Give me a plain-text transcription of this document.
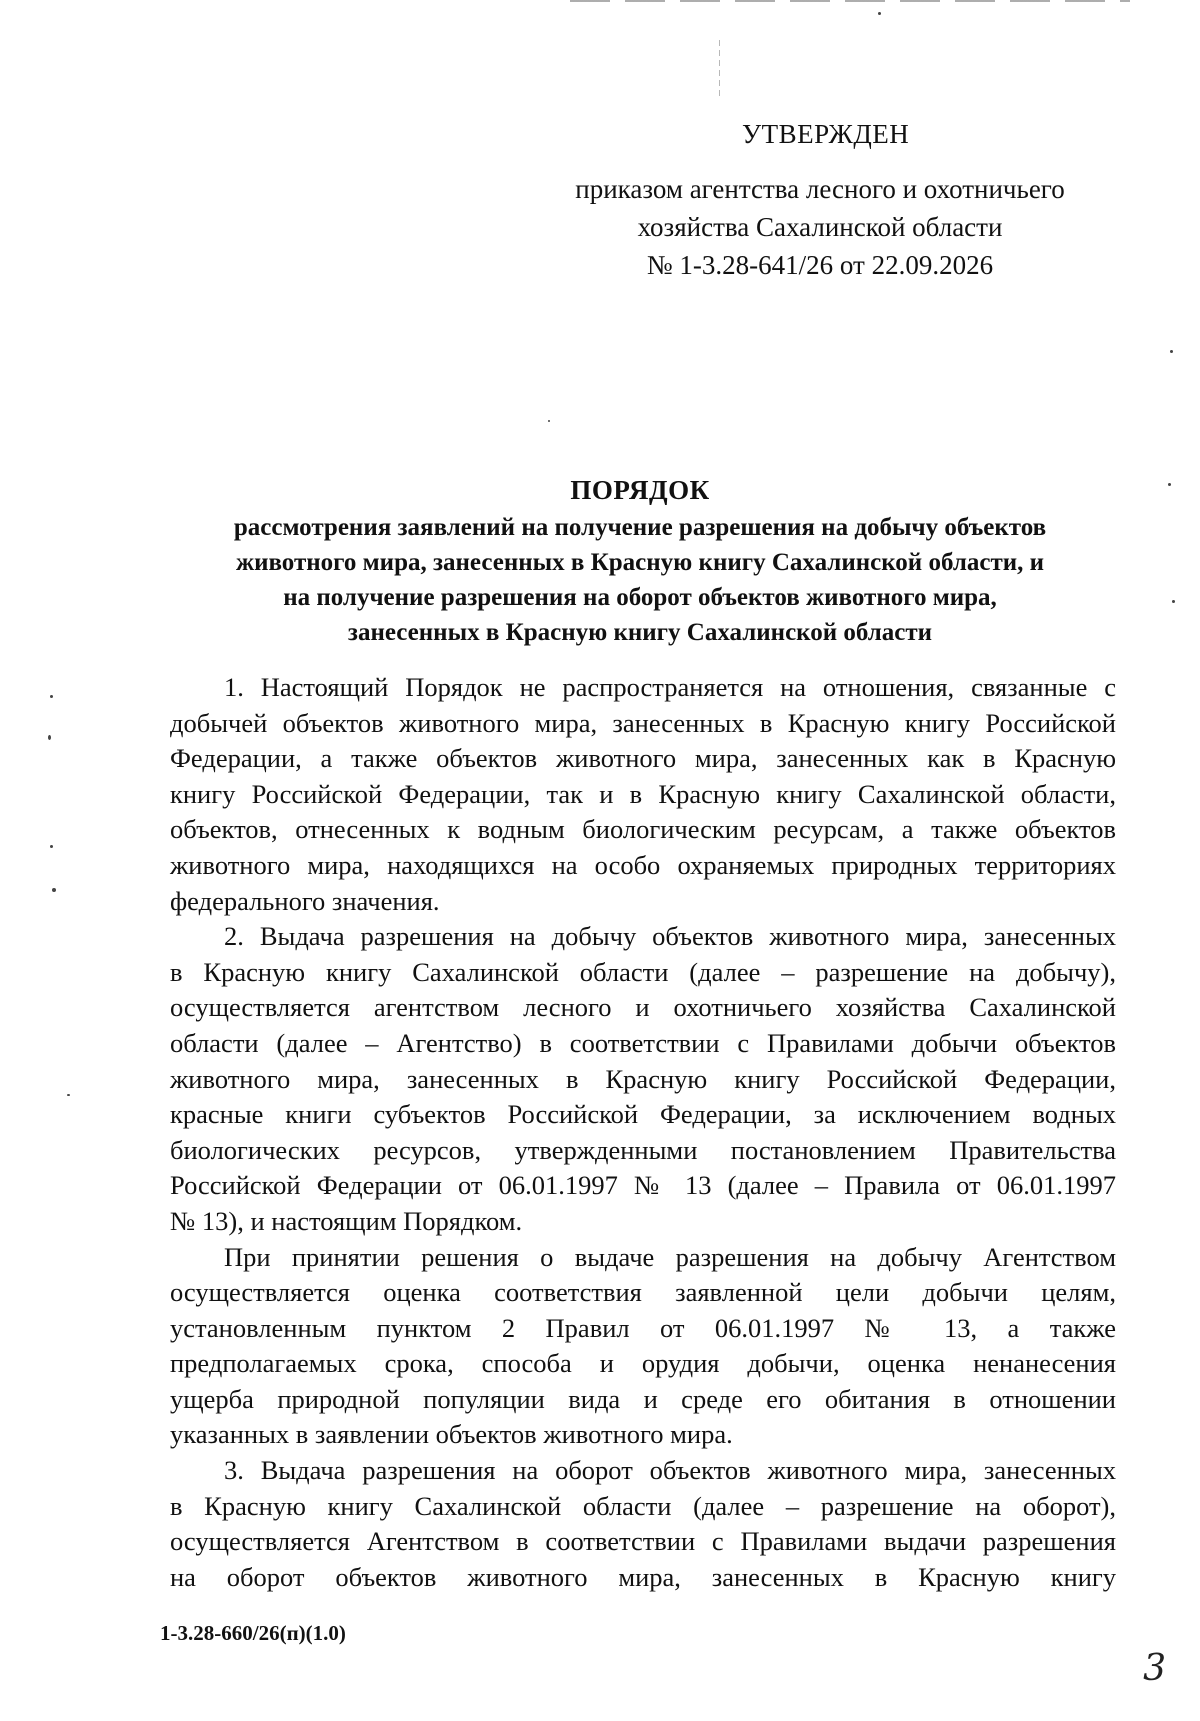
УТВЕРЖДЕН
приказом агентства лесного и охотничьего
хозяйства Сахалинской области
№ 1-3.28-641/26 от 22.09.2026
ПОРЯДОК
рассмотрения заявлений на получение разрешения на добычу объектов
животного мира, занесенных в Красную книгу Сахалинской области, и
на получение разрешения на оборот объектов животного мира,
занесенных в Красную книгу Сахалинской области
1. Настоящий Порядок не распространяется на отношения, связанные с
добычей объектов животного мира, занесенных в Красную книгу Российской
Федерации, а также объектов животного мира, занесенных как в Красную
книгу Российской Федерации, так и в Красную книгу Сахалинской области,
объектов, отнесенных к водным биологическим ресурсам, а также объектов
животного мира, находящихся на особо охраняемых природных территориях
федерального значения.
2. Выдача разрешения на добычу объектов животного мира, занесенных
в Красную книгу Сахалинской области (далее – разрешение на добычу),
осуществляется агентством лесного и охотничьего хозяйства Сахалинской
области (далее – Агентство) в соответствии с Правилами добычи объектов
животного мира, занесенных в Красную книгу Российской Федерации,
красные книги субъектов Российской Федерации, за исключением водных
биологических ресурсов, утвержденными постановлением Правительства
Российской Федерации от 06.01.1997 № 13 (далее – Правила от 06.01.1997
№ 13), и настоящим Порядком.
При принятии решения о выдаче разрешения на добычу Агентством
осуществляется оценка соответствия заявленной цели добычи целям,
установленным пунктом 2 Правил от 06.01.1997 № 13, а также
предполагаемых срока, способа и орудия добычи, оценка ненанесения
ущерба природной популяции вида и среде его обитания в отношении
указанных в заявлении объектов животного мира.
3. Выдача разрешения на оборот объектов животного мира, занесенных
в Красную книгу Сахалинской области (далее – разрешение на оборот),
осуществляется Агентством в соответствии с Правилами выдачи разрешения
на оборот объектов животного мира, занесенных в Красную книгу
1-3.28-660/26(п)(1.0)
3
